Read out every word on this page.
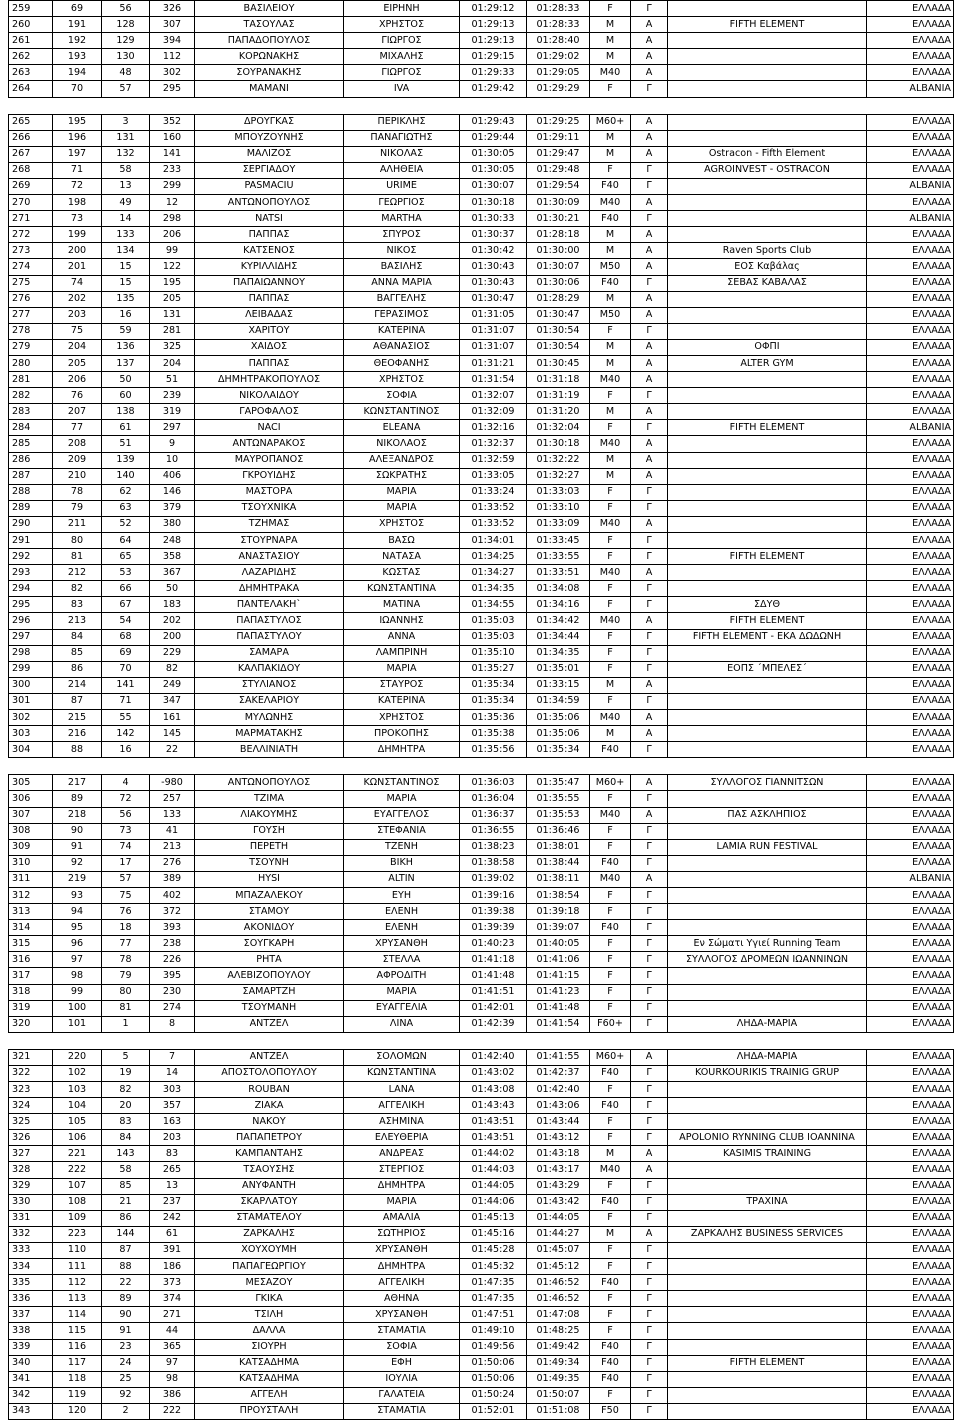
259	69	56	326	ΒΑΣΙΛΕΙΟΥ	ΕΙΡΗΝΗ	01:29:12	01:28:33	F	Γ		ΕΛΛΑΔΑ
260	191	128	307	ΤΑΣΟΥΛΑΣ	ΧΡΗΣΤΟΣ	01:29:13	01:28:33	M	Α	FIFTH ELEMENT	ΕΛΛΑΔΑ
261	192	129	394	ΠΑΠΑΔΟΠΟΥΛΟΣ	ΓΙΩΡΓΟΣ	01:29:13	01:28:40	M	Α		ΕΛΛΑΔΑ
262	193	130	112	ΚΟΡΩΝΑΚΗΣ	ΜΙΧΑΛΗΣ	01:29:15	01:29:02	M	Α		ΕΛΛΑΔΑ
263	194	48	302	ΣΟΥΡΑΝΑΚΗΣ	ΓΙΩΡΓΟΣ	01:29:33	01:29:05	M40	Α		ΕΛΛΑΔΑ
264	70	57	295	ΜΑΜΑΝΙ	IVA	01:29:42	01:29:29	F	Γ		ALBANIA
265	195	3	352	ΔΡΟΥΓΚΑΣ	ΠΕΡΙΚΛΗΣ	01:29:43	01:29:25	M60+	Α		ΕΛΛΑΔΑ
266	196	131	160	ΜΠΟΥΖΟΥΝΗΣ	ΠΑΝΑΓΙΩΤΗΣ	01:29:44	01:29:11	M	Α		ΕΛΛΑΔΑ
267	197	132	141	ΜΑΛΙΖΟΣ	ΝΙΚΟΛΑΣ	01:30:05	01:29:47	M	Α	Ostracon - Fifth Element	ΕΛΛΑΔΑ
268	71	58	233	ΣΕΡΓΙΑΔΟΥ	ΑΛΗΘΕΙΑ	01:30:05	01:29:48	F	Γ	AGROINVEST - OSTRACON	ΕΛΛΑΔΑ
269	72	13	299	PASMACIU	URIME	01:30:07	01:29:54	F40	Γ		ALBANIA
270	198	49	12	ΑΝΤΩΝΟΠΟΥΛΟΣ	ΓΕΩΡΓΙΟΣ	01:30:18	01:30:09	M40	Α		ΕΛΛΑΔΑ
271	73	14	298	NATSI	MARTHA	01:30:33	01:30:21	F40	Γ		ALBANIA
272	199	133	206	ΠΑΠΠΑΣ	ΣΠΥΡΟΣ	01:30:37	01:28:18	M	Α		ΕΛΛΑΔΑ
273	200	134	99	ΚΑΤΣΕΝΟΣ	ΝΙΚΟΣ	01:30:42	01:30:00	M	Α	Raven Sports Club	ΕΛΛΑΔΑ
274	201	15	122	ΚΥΡΙΛΛΙΔΗΣ	ΒΑΣΙΛΗΣ	01:30:43	01:30:07	M50	Α	ΕΟΣ Καβάλας	ΕΛΛΑΔΑ
275	74	15	195	ΠΑΠΑΙΩΑΝΝΟΥ	ΑΝΝΑ ΜΑΡΙΑ	01:30:43	01:30:06	F40	Γ	ΣΕΒΑΣ ΚΑΒΑΛΑΣ	ΕΛΛΑΔΑ
276	202	135	205	ΠΑΠΠΑΣ	ΒΑΓΓΕΛΗΣ	01:30:47	01:28:29	M	Α		ΕΛΛΑΔΑ
277	203	16	131	ΛΕΙΒΑΔΑΣ	ΓΕΡΑΣΙΜΟΣ	01:31:05	01:30:47	M50	Α		ΕΛΛΑΔΑ
278	75	59	281	ΧΑΡΙΤΟΥ	ΚΑΤΕΡΙΝΑ	01:31:07	01:30:54	F	Γ		ΕΛΛΑΔΑ
279	204	136	325	ΧΑΙΔΟΣ	ΑΘΑΝΑΣΙΟΣ	01:31:07	01:30:54	M	Α	ΟΦΠΙ	ΕΛΛΑΔΑ
280	205	137	204	ΠΑΠΠΑΣ	ΘΕΟΦΑΝΗΣ	01:31:21	01:30:45	M	Α	ALTER GYM	ΕΛΛΑΔΑ
281	206	50	51	ΔΗΜΗΤΡΑΚΟΠΟΥΛΟΣ	ΧΡΗΣΤΟΣ	01:31:54	01:31:18	M40	Α		ΕΛΛΑΔΑ
282	76	60	239	ΝΙΚΟΛΑΙΔΟΥ	ΣΟΦΙΑ	01:32:07	01:31:19	F	Γ		ΕΛΛΑΔΑ
283	207	138	319	ΓΑΡΟΦΑΛΟΣ	ΚΩΝΣΤΑΝΤΙΝΟΣ	01:32:09	01:31:20	M	Α		ΕΛΛΑΔΑ
284	77	61	297	NACI	ELEANA	01:32:16	01:32:04	F	Γ	FIFTH ELEMENT	ALBANIA
285	208	51	9	ΑΝΤΩΝΑΡΑΚΟΣ	ΝΙΚΟΛΑΟΣ	01:32:37	01:30:18	M40	Α		ΕΛΛΑΔΑ
286	209	139	10	ΜΑΥΡΟΠΑΝΟΣ	ΑΛΕΞΑΝΔΡΟΣ	01:32:59	01:32:22	M	Α		ΕΛΛΑΔΑ
287	210	140	406	ΓΚΡΟΥΙΔΗΣ	ΣΩΚΡΑΤΗΣ	01:33:05	01:32:27	M	Α		ΕΛΛΑΔΑ
288	78	62	146	ΜΑΣΤΟΡΑ	ΜΑΡΙΑ	01:33:24	01:33:03	F	Γ		ΕΛΛΑΔΑ
289	79	63	379	ΤΣΟΥΧΝΙΚΑ	ΜΑΡΙΑ	01:33:52	01:33:10	F	Γ		ΕΛΛΑΔΑ
290	211	52	380	ΤΖΗΜΑΣ	ΧΡΗΣΤΟΣ	01:33:52	01:33:09	M40	Α		ΕΛΛΑΔΑ
291	80	64	248	ΣΤΟΥΡΝΑΡΑ	ΒΑΣΩ	01:34:01	01:33:45	F	Γ		ΕΛΛΑΔΑ
292	81	65	358	ΑΝΑΣΤΑΣΙΟΥ	ΝΑΤΑΣΑ	01:34:25	01:33:55	F	Γ	FIFTH ELEMENT	ΕΛΛΑΔΑ
293	212	53	367	ΛΑΖΑΡΙΔΗΣ	ΚΩΣΤΑΣ	01:34:27	01:33:51	M40	Α		ΕΛΛΑΔΑ
294	82	66	50	ΔΗΜΗΤΡΑΚΑ	ΚΩΝΣΤΑΝΤΙΝΑ	01:34:35	01:34:08	F	Γ		ΕΛΛΑΔΑ
295	83	67	183	ΠΑΝΤΕΛΑΚΗ`	ΜΑΤΙΝΑ	01:34:55	01:34:16	F	Γ	ΣΔΥΘ	ΕΛΛΑΔΑ
296	213	54	202	ΠΑΠΑΣΤΥΛΟΣ	ΙΩΑΝΝΗΣ	01:35:03	01:34:42	M40	Α	FIFTH ELEMENT	ΕΛΛΑΔΑ
297	84	68	200	ΠΑΠΑΣΤΥΛΟΥ	ΑΝΝΑ	01:35:03	01:34:44	F	Γ	FIFTH ELEMENT - ΕΚΑ ΔΩΔΩΝΗ	ΕΛΛΑΔΑ
298	85	69	229	ΣΑΜΑΡΑ	ΛΑΜΠΡΙΝΗ	01:35:10	01:34:35	F	Γ		ΕΛΛΑΔΑ
299	86	70	82	ΚΑΛΠΑΚΙΔΟΥ	ΜΑΡΙΑ	01:35:27	01:35:01	F	Γ	ΕΟΠΣ ΄ΜΠΕΛΕΣ΄	ΕΛΛΑΔΑ
300	214	141	249	ΣΤΥΛΙΑΝΟΣ	ΣΤΑΥΡΟΣ	01:35:34	01:33:15	M	Α		ΕΛΛΑΔΑ
301	87	71	347	ΣΑΚΕΛΑΡΙΟΥ	ΚΑΤΕΡΙΝΑ	01:35:34	01:34:59	F	Γ		ΕΛΛΑΔΑ
302	215	55	161	ΜΥΛΩΝΗΣ	ΧΡΗΣΤΟΣ	01:35:36	01:35:06	M40	Α		ΕΛΛΑΔΑ
303	216	142	145	ΜΑΡΜΑΤΑΚΗΣ	ΠΡΟΚΟΠΗΣ	01:35:38	01:35:06	M	Α		ΕΛΛΑΔΑ
304	88	16	22	ΒΕΛΛΙΝΙΑΤΗ	ΔΗΜΗΤΡΑ	01:35:56	01:35:34	F40	Γ		ΕΛΛΑΔΑ
305	217	4	-980	ΑΝΤΩΝΟΠΟΥΛΟΣ	ΚΩΝΣΤΑΝΤΙΝΟΣ	01:36:03	01:35:47	M60+	Α	ΣΥΛΛΟΓΟΣ ΓΙΑΝΝΙΤΣΩΝ	ΕΛΛΑΔΑ
306	89	72	257	ΤΖΙΜΑ	ΜΑΡΙΑ	01:36:04	01:35:55	F	Γ		ΕΛΛΑΔΑ
307	218	56	133	ΛΙΑΚΟΥΜΗΣ	ΕΥΑΓΓΕΛΟΣ	01:36:37	01:35:53	M40	Α	ΠΑΣ ΑΣΚΛΗΠΙΟΣ	ΕΛΛΑΔΑ
308	90	73	41	ΓΟΥΣΗ	ΣΤΕΦΑΝΙΑ	01:36:55	01:36:46	F	Γ		ΕΛΛΑΔΑ
309	91	74	213	ΠΕΡΕΤΗ	ΤΖΕΝΗ	01:38:23	01:38:01	F	Γ	LAMIA RUN FESTIVAL	ΕΛΛΑΔΑ
310	92	17	276	ΤΣΟΥΝΗ	ΒΙΚΗ	01:38:58	01:38:44	F40	Γ		ΕΛΛΑΔΑ
311	219	57	389	HYSI	ALTIN	01:39:02	01:38:11	M40	Α		ALBANIA
312	93	75	402	ΜΠΑΖΑΛΕΚΟΥ	ΕΥΗ	01:39:16	01:38:54	F	Γ		ΕΛΛΑΔΑ
313	94	76	372	ΣΤΑΜΟΥ	ΕΛΕΝΗ	01:39:38	01:39:18	F	Γ		ΕΛΛΑΔΑ
314	95	18	393	ΑΚΟΝΙΔΟΥ	ΕΛΕΝΗ	01:39:39	01:39:07	F40	Γ		ΕΛΛΑΔΑ
315	96	77	238	ΣΟΥΓΚΑΡΗ	ΧΡΥΣΑΝΘΗ	01:40:23	01:40:05	F	Γ	Εν Σώματι Υγιεί Running Team	ΕΛΛΑΔΑ
316	97	78	226	ΡΗΤΑ	ΣΤΕΛΛΑ	01:41:18	01:41:06	F	Γ	ΣΥΛΛΟΓΟΣ ΔΡΟΜΕΩΝ ΙΩΑΝΝΙΝΩΝ	ΕΛΛΑΔΑ
317	98	79	395	ΑΛΕΒΙΖΟΠΟΥΛΟΥ	ΑΦΡΟΔΙΤΗ	01:41:48	01:41:15	F	Γ		ΕΛΛΑΔΑ
318	99	80	230	ΣΑΜΑΡΤΖΗ	ΜΑΡΙΑ	01:41:51	01:41:23	F	Γ		ΕΛΛΑΔΑ
319	100	81	274	ΤΣΟΥΜΑΝΗ	ΕΥΑΓΓΕΛΙΑ	01:42:01	01:41:48	F	Γ		ΕΛΛΑΔΑ
320	101	1	8	ΑΝΤΖΕΛ	ΛΙΝΑ	01:42:39	01:41:54	F60+	Γ	ΛΗΔΑ-ΜΑΡΙΑ	ΕΛΛΑΔΑ
321	220	5	7	ΑΝΤΖΕΛ	ΣΟΛΟΜΩΝ	01:42:40	01:41:55	M60+	Α	ΛΗΔΑ-ΜΑΡΙΑ	ΕΛΛΑΔΑ
322	102	19	14	ΑΠΟΣΤΟΛΟΠΟΥΛΟΥ	ΚΩΝΣΤΑΝΤΙΝΑ	01:43:02	01:42:37	F40	Γ	KOURKOURIKIS TRAINIG GRUP	ΕΛΛΑΔΑ
323	103	82	303	ROUBAN	LANA	01:43:08	01:42:40	F	Γ		ΕΛΛΑΔΑ
324	104	20	357	ΖΙΑΚΑ	ΑΓΓΕΛΙΚΗ	01:43:43	01:43:06	F40	Γ		ΕΛΛΑΔΑ
325	105	83	163	ΝΑΚΟΥ	ΑΣΗΜΙΝΑ	01:43:51	01:43:44	F	Γ		ΕΛΛΑΔΑ
326	106	84	203	ΠΑΠΑΠΕΤΡΟΥ	ΕΛΕΥΘΕΡΙΑ	01:43:51	01:43:12	F	Γ	APOLONIO RYNNING CLUB IOANNINA	ΕΛΛΑΔΑ
327	221	143	83	ΚΑΜΠΑΝΤΑΗΣ	ΑΝΔΡΕΑΣ	01:44:02	01:43:18	M	Α	KASIMIS TRAINING	ΕΛΛΑΔΑ
328	222	58	265	ΤΣΑΟΥΣΗΣ	ΣΤΕΡΓΙΟΣ	01:44:03	01:43:17	M40	Α		ΕΛΛΑΔΑ
329	107	85	13	ΑΝΥΦΑΝΤΗ	ΔΗΜΗΤΡΑ	01:44:05	01:43:29	F	Γ		ΕΛΛΑΔΑ
330	108	21	237	ΣΚΑΡΛΑΤΟΥ	ΜΑΡΙΑ	01:44:06	01:43:42	F40	Γ	ΤΡΑΧΙΝΑ	ΕΛΛΑΔΑ
331	109	86	242	ΣΤΑΜΑΤΕΛΟΥ	ΑΜΑΛΙΑ	01:45:13	01:44:05	F	Γ		ΕΛΛΑΔΑ
332	223	144	61	ΖΑΡΚΑΛΗΣ	ΣΩΤΗΡΙΟΣ	01:45:16	01:44:27	M	Α	ΖΑΡΚΑΛΗΣ BUSINESS SERVICES	ΕΛΛΑΔΑ
333	110	87	391	ΧΟΥΧΟΥΜΗ	ΧΡΥΣΑΝΘΗ	01:45:28	01:45:07	F	Γ		ΕΛΛΑΔΑ
334	111	88	186	ΠΑΠΑΓΕΩΡΓΙΟΥ	ΔΗΜΗΤΡΑ	01:45:32	01:45:12	F	Γ		ΕΛΛΑΔΑ
335	112	22	373	ΜΕΣΑΖΟΥ	ΑΓΓΕΛΙΚΗ	01:47:35	01:46:52	F40	Γ		ΕΛΛΑΔΑ
336	113	89	374	ΓΚΙΚΑ	ΑΘΗΝΑ	01:47:35	01:46:52	F	Γ		ΕΛΛΑΔΑ
337	114	90	271	ΤΣΙΛΗ	ΧΡΥΣΑΝΘΗ	01:47:51	01:47:08	F	Γ		ΕΛΛΑΔΑ
338	115	91	44	ΔΑΛΛΑ	ΣΤΑΜΑΤΙΑ	01:49:10	01:48:25	F	Γ		ΕΛΛΑΔΑ
339	116	23	365	ΣΙΟΥΡΗ	ΣΟΦΙΑ	01:49:56	01:49:42	F40	Γ		ΕΛΛΑΔΑ
340	117	24	97	ΚΑΤΣΑΔΗΜΑ	ΕΦΗ	01:50:06	01:49:34	F40	Γ	FIFTH ELEMENT	ΕΛΛΑΔΑ
341	118	25	98	ΚΑΤΣΑΔΗΜΑ	ΙΟΥΛΙΑ	01:50:06	01:49:35	F40	Γ		ΕΛΛΑΔΑ
342	119	92	386	ΑΓΓΕΛΗ	ΓΑΛΑΤΕΙΑ	01:50:24	01:50:07	F	Γ		ΕΛΛΑΔΑ
343	120	2	222	ΠΡΟΥΣΤΑΛΗ	ΣΤΑΜΑΤΙΑ	01:52:01	01:51:08	F50	Γ		ΕΛΛΑΔΑ
